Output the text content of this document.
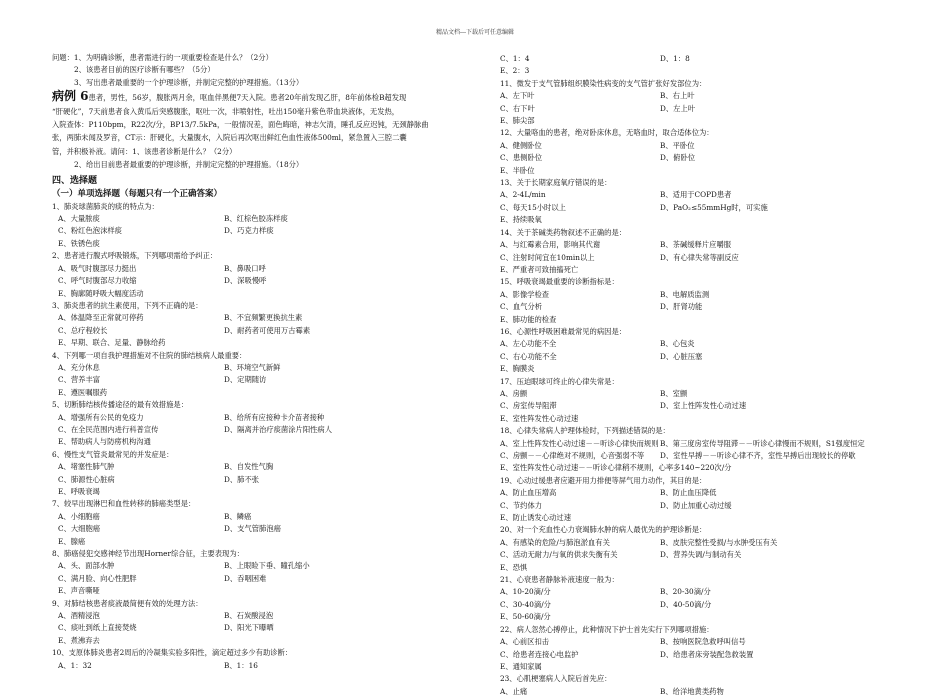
精品文档---下载后可任意编辑
问题：1、为明确诊断，患者需进行的一项重要检查是什么？（2分）
2、该患者目前的医疗诊断有哪些？（5分）
3、写出患者最重要的一个护理诊断，并制定完整的护理措施。（13分）
病例 6患者，男性，56岁，腹胀两月余，呕血伴黑便7天入院。患者20年前发现乙肝，8年前体检B超发现
“肝硬化”，7天前患者食入黄瓜后突感腹胀，呕吐一次，非喷射性，吐出150毫升紫色带血块液体，无发热，
入院查体：P110bpm，R22次/分，BP13/7.5kPa，一般情况差，面色晦暗，神志欠清，睡孔反应迟钝，无颈静脉曲
张，两肺未闻及罗音，CT示：肝硬化，大量腹水，入院后再次呕出鲜红色血性液体500ml，紧急置入三腔二囊
管，并积极补液。请问：1、该患者诊断是什么？（2分）
2、给出目前患者最重要的护理诊断，并制定完整的护理措施。（18分）
四、选择题
（一）单项选择题（每题只有一个正确答案）
1、肺炎球菌肺炎的痰的特点为：
A、大量脓痰	B、红棕色胶冻样痰
C、粉红色泡沫样痰	D、巧克力样痰
E、铁锈色痰
2、患者进行腹式呼吸锻炼，下列哪项需给予纠正：
A、吸气时腹部尽力挺出	B、鼻吸口呼
C、呼气时腹部尽力收缩	D、深吸慢呼
E、胸廓随呼吸大幅度活动
3、肺炎患者的抗生素使用，下列不正确的是：
A、体温降至正常就可停药	B、不宜频繁更换抗生素
C、总疗程较长	D、耐药者可使用万古霉素
E、早期、联合、足量、静脉给药
4、下列哪一项自我护理措施对不住院的肺结核病人最重要：
A、充分休息	B、环境空气新鲜
C、营养丰富	D、定期随访
E、遵医嘱服药
5、切断肺结核传播途径的最有效措施是：
A、增强所有公民的免疫力	B、给所有应接种卡介苗者接种
C、在全民范围内进行科普宣传	D、隔离并治疗痰菌涂片阳性病人
E、帮助病人与防痨机构沟通
6、慢性支气管炎最常见的并发症是：
A、堵塞性肺气肿	B、自发性气胸
C、肺源性心脏病	D、肺不张
E、呼吸衰竭
7、较早出现淋巴和血性转移的肺癌类型是：
A、小细胞癌	B、鳞癌
C、大细胞癌	D、支气管肺泡癌
E、腺癌
8、肺癌侵犯交感神经节出现Horner综合征，主要表现为：
A、头、面部水肿	B、上眼睑下垂、瞳孔缩小
C、满月脸、向心性肥胖	D、吞咽困难
E、声音嘶哑
9、对肺结核患者痰液最简便有效的处理方法：
A、酒精浸泡	B、石炭酸浸泡
C、痰吐到纸上直接焚烧	D、阳光下曝晒
E、煮沸弃去
10、支原体肺炎患者2周后的冷凝集实验多阳性，滴定超过多少有助诊断：
A、1：32	B、1：16
C、1：4	D、1：8
E、2：3
11、微发于支气管肺组织膜染性病变的支气管扩张好发部位为：
A、左下叶	B、右上叶
C、右下叶	D、左上叶
E、肺尖部
12、大量咯血的患者，绝对卧床休息，无咯血时，取合适体位为：
A、健侧卧位	B、平卧位
C、患侧卧位	D、俯卧位
E、半卧位
13、关于长期家庭氧疗错误的是：
A、2-4L/min	B、适用于COPD患者
C、每天15小时以上	D、PaO₂≤55mmHg时，可实施
E、持续吸氧
14、关于茶碱类药物叙述不正确的是：
A、与红霉素合用，影响其代谢	B、茶碱缓释片应嚼服
C、注射时间宜在10min以上	D、有心律失常等副反应
E、严重者可致抽搐死亡
15、呼吸衰竭最重要的诊断指标是：
A、影像学检查	B、电解质监测
C、血气分析	D、肝肾功能
E、肺功能的检查
16、心源性呼吸困难最常见的病因是：
A、左心功能不全	B、心包炎
C、右心功能不全	D、心脏压塞
E、胸膜炎
17、压迫眼球可终止的心律失常是：
A、房颤	B、室颤
C、房室传导阻滞	D、室上性阵发性心动过速
E、室性阵发性心动过速
18、心律失常病人护理体检时，下列描述错误的是：
A、室上性阵发性心动过速－－听诊心律快而规则 B、第三度房室传导阻滞－－听诊心律慢而不规则，S1强度恒定
C、房颤－－心律绝对不规则，心音强弱不等	D、室性早搏－－听诊心律不齐，室性早搏后出现较长的停歇
E、室性阵发性心动过速－－听诊心律稍不规则，心率多140~220次/分
19、心动过缓患者应避开用力排便等屏气用力动作，其目的是：
A、防止血压增高	B、防止血压降低
C、节约体力	D、防止加重心动过缓
E、防止诱发心动过速
20、对一个充血性心力衰竭肺水肿的病人最优先的护理诊断是：
A、有感染的危险/与肺泡淤血有关	B、皮肤完整性受损/与水肿受压有关
C、活动无耐力/与氧的供求失衡有关	D、营养失调/与制动有关
E、恐惧
21、心衰患者静脉补液速度一般为：
A、10-20滴/分	B、20-30滴/分
C、30-40滴/分	D、40-50滴/分
E、50-60滴/分
22、病人忽然心搏停止，此种情况下护士首先实行下列哪项措施：
A、心前区扣击	B、按响医院急救呼叫信号
C、给患者连接心电监护	D、给患者床旁装配急救装置
E、通知家属
23、心肌梗塞病人入院后首先应：
A、止痛	B、给洋地黄类药物
